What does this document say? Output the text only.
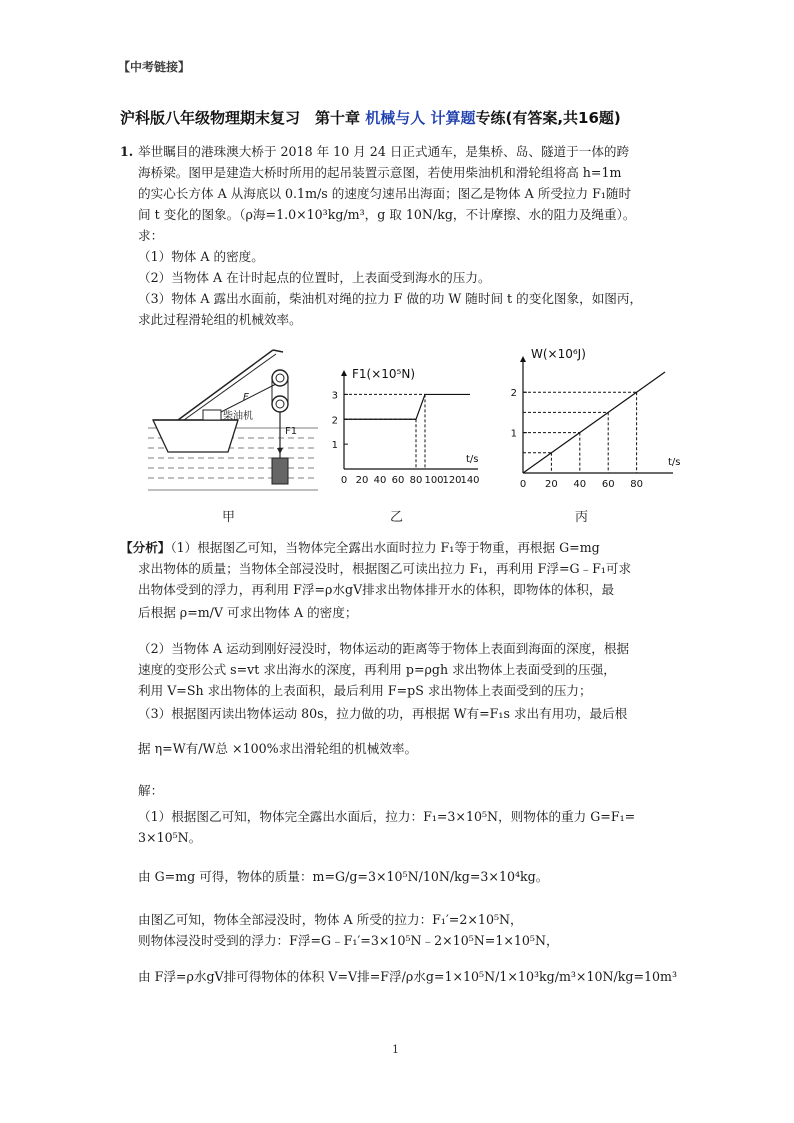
【中考链接】
沪科版八年级物理期末复习　第十章 机械与人 计算题专练(有答案,共16题)
1. 举世瞩目的港珠澳大桥于 2018 年 10 月 24 日正式通车，是集桥、岛、隧道于一体的跨
海桥梁。图甲是建造大桥时所用的起吊装置示意图，若使用柴油机和滑轮组将高 h=1m
的实心长方体 A 从海底以 0.1m/s 的速度匀速吊出海面；图乙是物体 A 所受拉力 F₁随时
间 t 变化的图象。（ρ海=1.0×10³kg/m³，g 取 10N/kg，不计摩擦、水的阻力及绳重）。
求：
（1）物体 A 的密度。
（2）当物体 A 在计时起点的位置时，上表面受到海水的压力。
（3）物体 A 露出水面前，柴油机对绳的拉力 F 做的功 W 随时间 t 的变化图象，如图丙，
求此过程滑轮组的机械效率。
柴油机
F
F1
0 20 40 60 80 100
120
140
1
2
3
F1(×10⁵N)
t/s
0 20 40 60 80
1
2
W(×10⁶J)
t/s
甲	乙	丙
【分析】（1）根据图乙可知，当物体完全露出水面时拉力 F₁等于物重，再根据 G=mg
求出物体的质量；当物体全部浸没时，根据图乙可读出拉力 F₁，再利用 F浮=G﹣F₁可求
出物体受到的浮力，再利用 F浮=ρ水gV排求出物体排开水的体积，即物体的体积，最
后根据 ρ=m/V 可求出物体 A 的密度；
（2）当物体 A 运动到刚好浸没时，物体运动的距离等于物体上表面到海面的深度，根据
速度的变形公式 s=vt 求出海水的深度，再利用 p=ρgh 求出物体上表面受到的压强，
利用 V=Sh 求出物体的上表面积，最后利用 F=pS 求出物体上表面受到的压力；
（3）根据图丙读出物体运动 80s，拉力做的功，再根据 W有=F₁s 求出有用功，最后根
据 η=W有/W总 ×100%求出滑轮组的机械效率。
解：
（1）根据图乙可知，物体完全露出水面后，拉力：F₁=3×10⁵N，则物体的重力 G=F₁=
3×10⁵N。
由 G=mg 可得，物体的质量：m=G/g=3×10⁵N/10N/kg=3×10⁴kg。
由图乙可知，物体全部浸没时，物体 A 所受的拉力：F₁′=2×10⁵N，
则物体浸没时受到的浮力：F浮=G﹣F₁′=3×10⁵N﹣2×10⁵N=1×10⁵N，
由 F浮=ρ水gV排可得物体的体积 V=V排=F浮/ρ水g=1×10⁵N/1×10³kg/m³×10N/kg=10m³
1
